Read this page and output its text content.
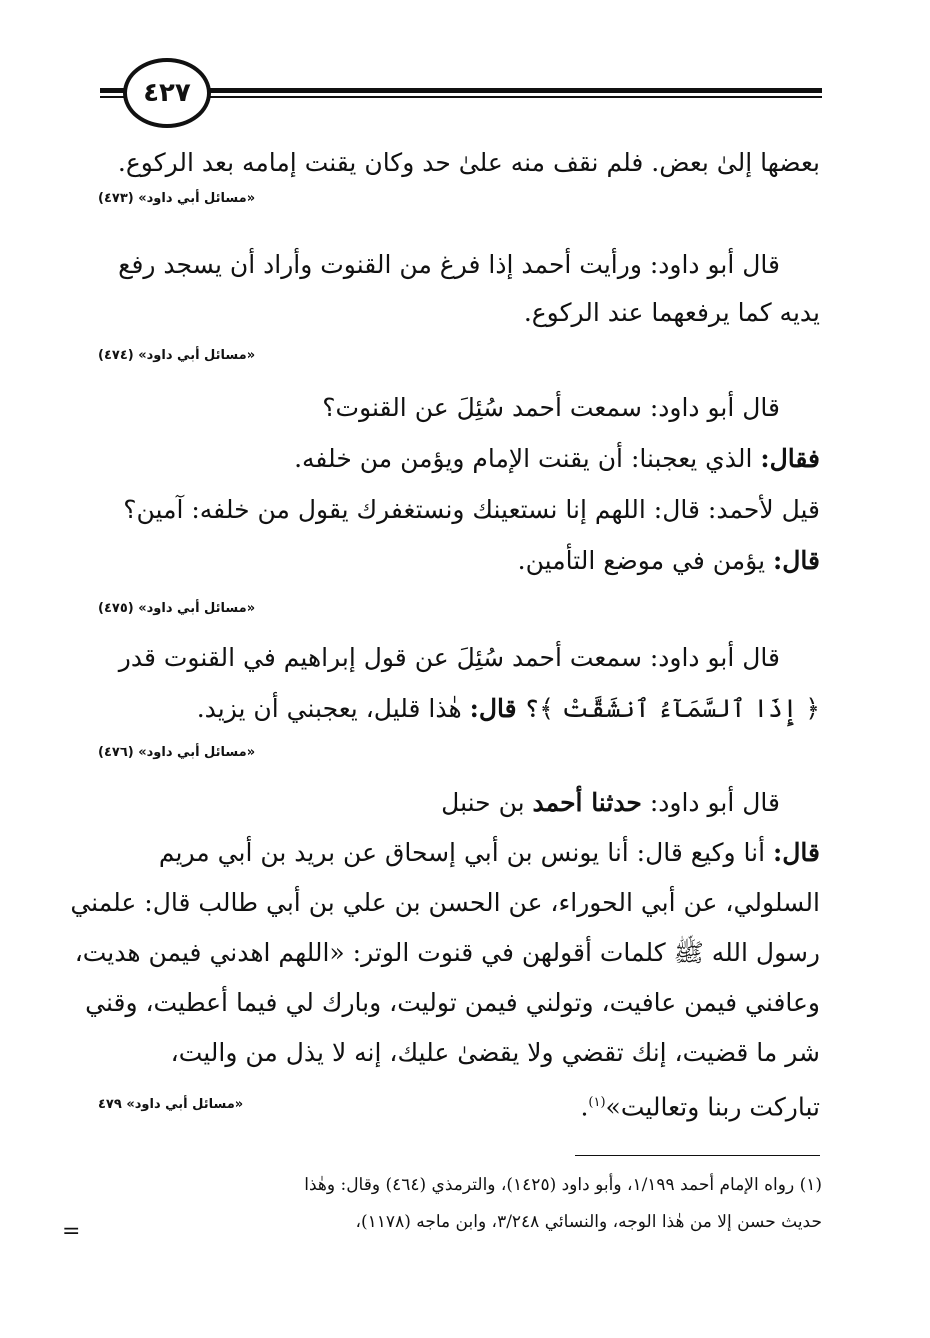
٤٢٧
بعضها إلىٰ بعض. فلم نقف منه علىٰ حد وكان يقنت إمامه بعد الركوع.
«مسائل أبي داود» (٤٧٣)
قال أبو داود: ورأيت أحمد إذا فرغ من القنوت وأراد أن يسجد رفع
يديه كما يرفعهما عند الركوع.
«مسائل أبي داود» (٤٧٤)
قال أبو داود: سمعت أحمد سُئِلَ عن القنوت؟
فقال: الذي يعجبنا: أن يقنت الإمام ويؤمن من خلفه.
قيل لأحمد: قال: اللهم إنا نستعينك ونستغفرك يقول من خلفه: آمين؟
قال: يؤمن في موضع التأمين.
«مسائل أبي داود» (٤٧٥)
قال أبو داود: سمعت أحمد سُئِلَ عن قول إبراهيم في القنوت قدر
﴿ إِذَا ٱلسَّمَآءُ ٱنشَقَّتْ ﴾؟ قال: هٰذا قليل، يعجبني أن يزيد.
«مسائل أبي داود» (٤٧٦)
قال أبو داود: حدثنا أحمد بن حنبل
قال: أنا وكيع قال: أنا يونس بن أبي إسحاق عن بريد بن أبي مريم
السلولي، عن أبي الحوراء، عن الحسن بن علي بن أبي طالب قال: علمني
رسول الله ﷺ كلمات أقولهن في قنوت الوتر: «اللهم اهدني فيمن هديت،
وعافني فيمن عافيت، وتولني فيمن توليت، وبارك لي فيما أعطيت، وقني
شر ما قضيت، إنك تقضي ولا يقضىٰ عليك، إنه لا يذل من واليت،
تباركت ربنا وتعاليت»$^{(١)}$.
«مسائل أبي داود» ٤٧٩
(١) رواه الإمام أحمد ١/١٩٩، وأبو داود (١٤٢٥)، والترمذي (٤٦٤) وقال: وهٰذا
حديث حسن إلا من هٰذا الوجه، والنسائي ٣/٢٤٨، وابن ماجه (١١٧٨)،
=
